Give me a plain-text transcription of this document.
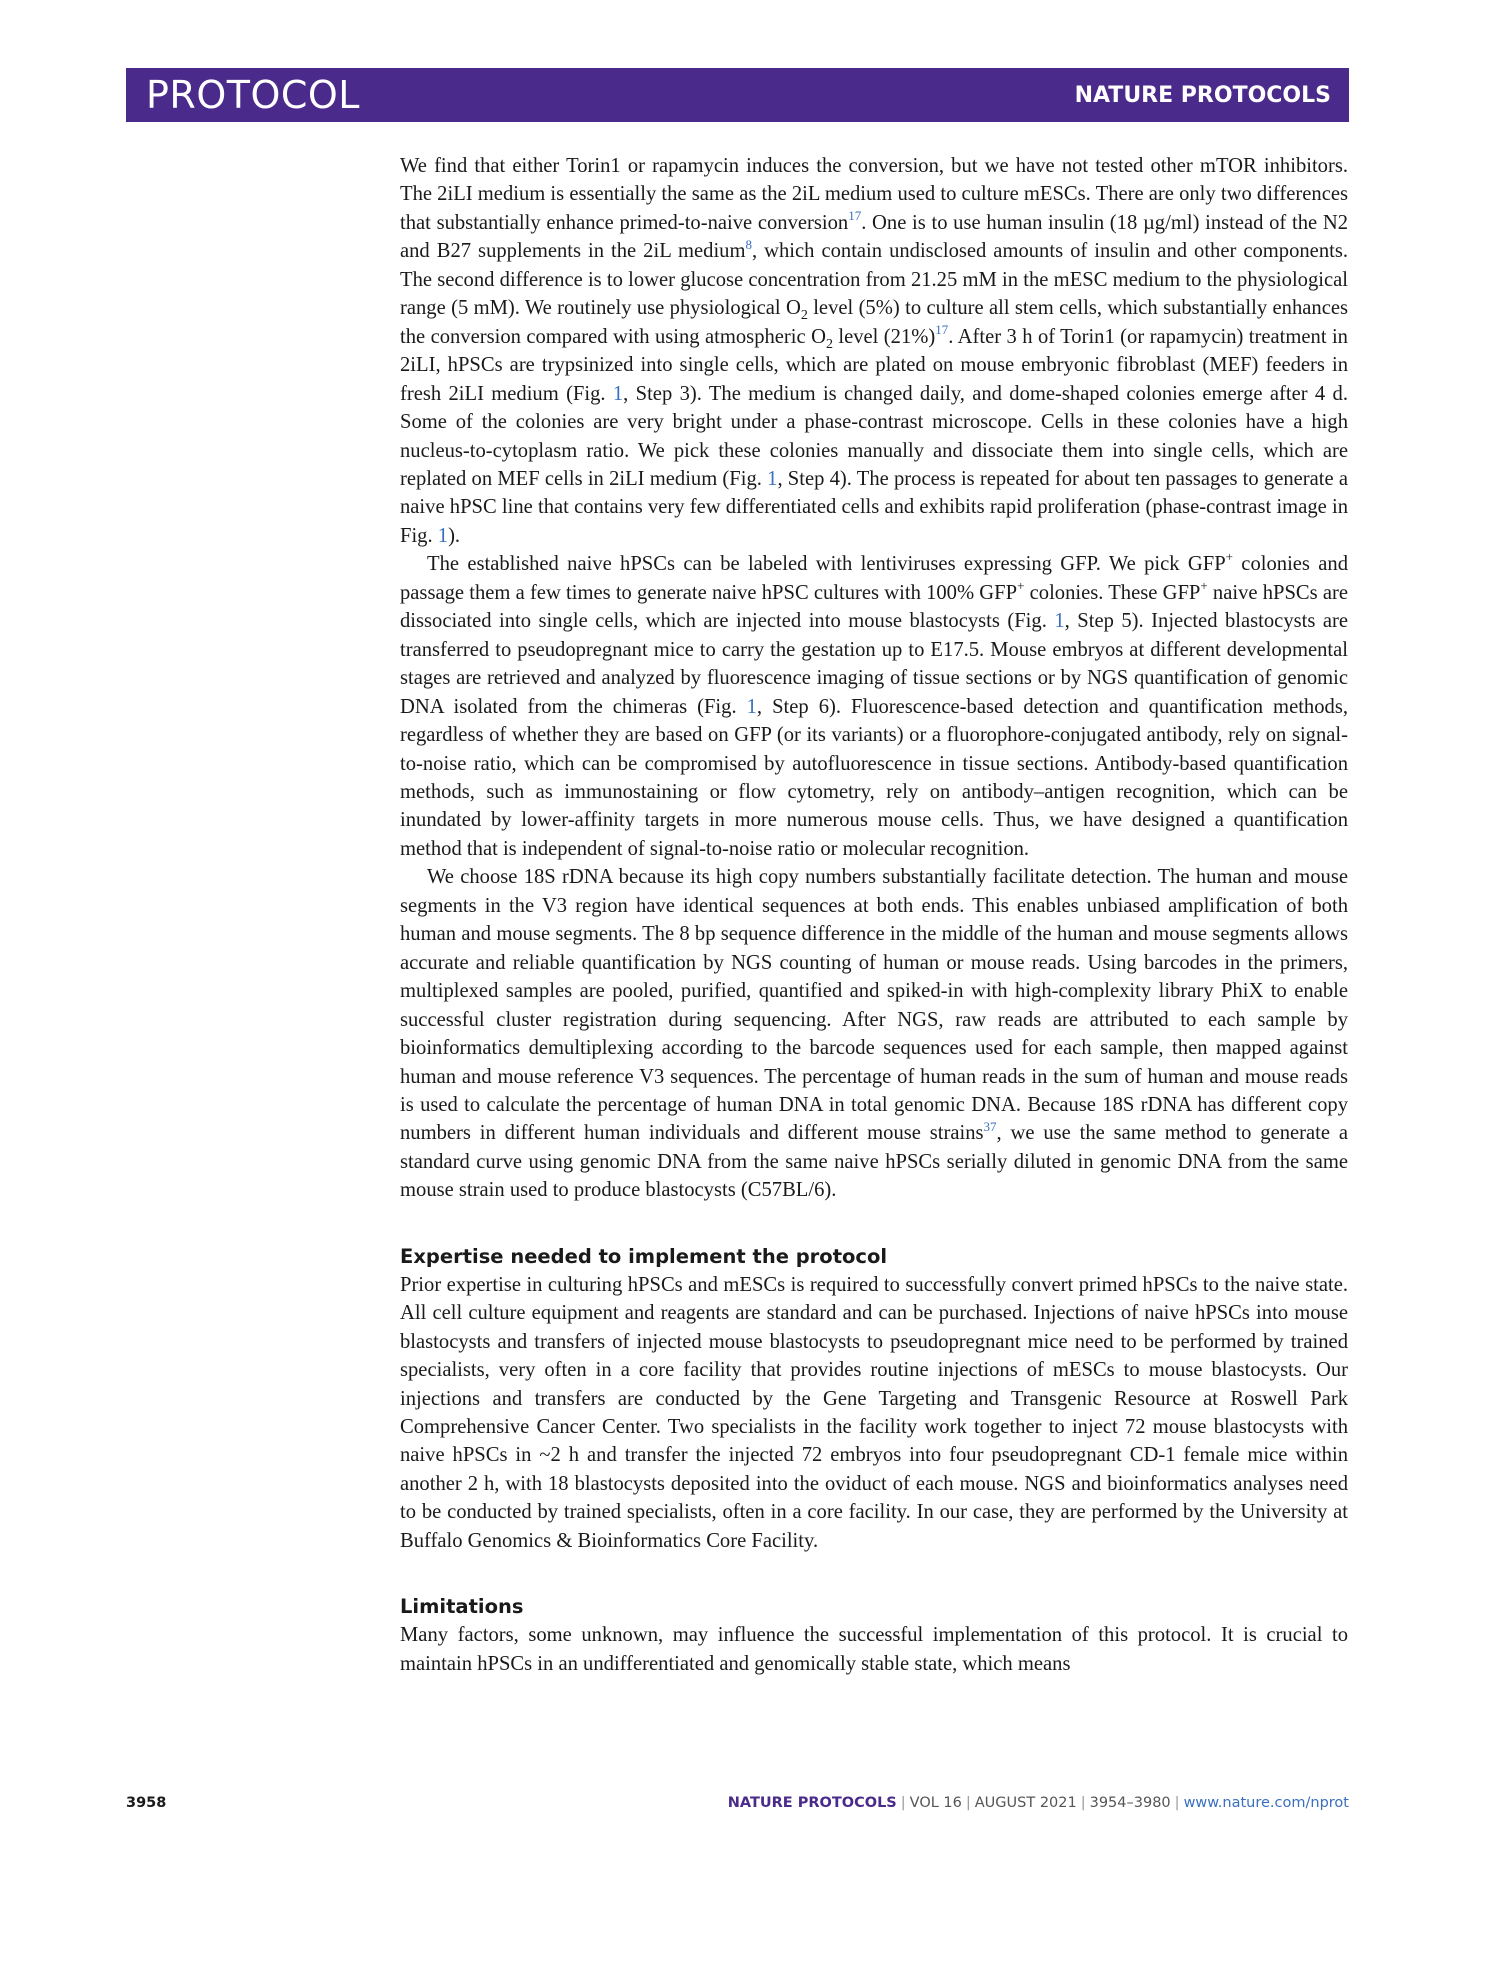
PROTOCOL	NATURE PROTOCOLS

We find that either Torin1 or rapamycin induces the conversion, but we have not tested other mTOR inhibitors. The 2iLI medium is essentially the same as the 2iL medium used to culture mESCs. There are only two differences that substantially enhance primed-to-naive conversion$^{17}$. One is to use human insulin (18 µg/ml) instead of the N2 and B27 supplements in the 2iL medium$^8$, which contain undisclosed amounts of insulin and other components. The second difference is to lower glucose concentration from 21.25 mM in the mESC medium to the physiological range (5 mM). We routinely use physiological $O_2$ level (5%) to culture all stem cells, which substantially enhances the conversion compared with using atmospheric $O_2$ level (21%)$^{17}$. After 3 h of Torin1 (or rapamycin) treatment in 2iLI, hPSCs are trypsinized into single cells, which are plated on mouse embryonic fibroblast (MEF) feeders in fresh 2iLI medium (Fig. 1, Step 3). The medium is changed daily, and dome-shaped colonies emerge after 4 d. Some of the colonies are very bright under a phase-contrast microscope. Cells in these colonies have a high nucleus-to-cytoplasm ratio. We pick these colonies manually and dissociate them into single cells, which are replated on MEF cells in 2iLI medium (Fig. 1, Step 4). The process is repeated for about ten passages to generate a naive hPSC line that contains very few differentiated cells and exhibits rapid proliferation (phase-contrast image in Fig. 1).

The established naive hPSCs can be labeled with lentiviruses expressing GFP. We pick GFP+ colonies and passage them a few times to generate naive hPSC cultures with 100% GFP+ colonies. These GFP+ naive hPSCs are dissociated into single cells, which are injected into mouse blastocysts (Fig. 1, Step 5). Injected blastocysts are transferred to pseudopregnant mice to carry the gestation up to E17.5. Mouse embryos at different developmental stages are retrieved and analyzed by fluorescence imaging of tissue sections or by NGS quantification of genomic DNA isolated from the chimeras (Fig. 1, Step 6). Fluorescence-based detection and quantification methods, regardless of whether they are based on GFP (or its variants) or a fluorophore-conjugated antibody, rely on signal-to-noise ratio, which can be compromised by autofluorescence in tissue sections. Antibody-based quantification methods, such as immunostaining or flow cytometry, rely on antibody–antigen recognition, which can be inundated by lower-affinity targets in more numerous mouse cells. Thus, we have designed a quantification method that is independent of signal-to-noise ratio or molecular recognition.

We choose 18S rDNA because its high copy numbers substantially facilitate detection. The human and mouse segments in the V3 region have identical sequences at both ends. This enables unbiased amplification of both human and mouse segments. The 8 bp sequence difference in the middle of the human and mouse segments allows accurate and reliable quantification by NGS counting of human or mouse reads. Using barcodes in the primers, multiplexed samples are pooled, purified, quantified and spiked-in with high-complexity library PhiX to enable successful cluster registration during sequencing. After NGS, raw reads are attributed to each sample by bioinformatics demultiplexing according to the barcode sequences used for each sample, then mapped against human and mouse reference V3 sequences. The percentage of human reads in the sum of human and mouse reads is used to calculate the percentage of human DNA in total genomic DNA. Because 18S rDNA has different copy numbers in different human individuals and different mouse strains$^{37}$, we use the same method to generate a standard curve using genomic DNA from the same naive hPSCs serially diluted in genomic DNA from the same mouse strain used to produce blastocysts (C57BL/6).

Expertise needed to implement the protocol

Prior expertise in culturing hPSCs and mESCs is required to successfully convert primed hPSCs to the naive state. All cell culture equipment and reagents are standard and can be purchased. Injections of naive hPSCs into mouse blastocysts and transfers of injected mouse blastocysts to pseudopregnant mice need to be performed by trained specialists, very often in a core facility that provides routine injections of mESCs to mouse blastocysts. Our injections and transfers are conducted by the Gene Targeting and Transgenic Resource at Roswell Park Comprehensive Cancer Center. Two specialists in the facility work together to inject 72 mouse blastocysts with naive hPSCs in ~2 h and transfer the injected 72 embryos into four pseudopregnant CD-1 female mice within another 2 h, with 18 blastocysts deposited into the oviduct of each mouse. NGS and bioinformatics analyses need to be conducted by trained specialists, often in a core facility. In our case, they are performed by the University at Buffalo Genomics & Bioinformatics Core Facility.

Limitations

Many factors, some unknown, may influence the successful implementation of this protocol. It is crucial to maintain hPSCs in an undifferentiated and genomically stable state, which means

3958	NATURE PROTOCOLS | VOL 16 | AUGUST 2021 | 3954–3980 | www.nature.com/nprot
